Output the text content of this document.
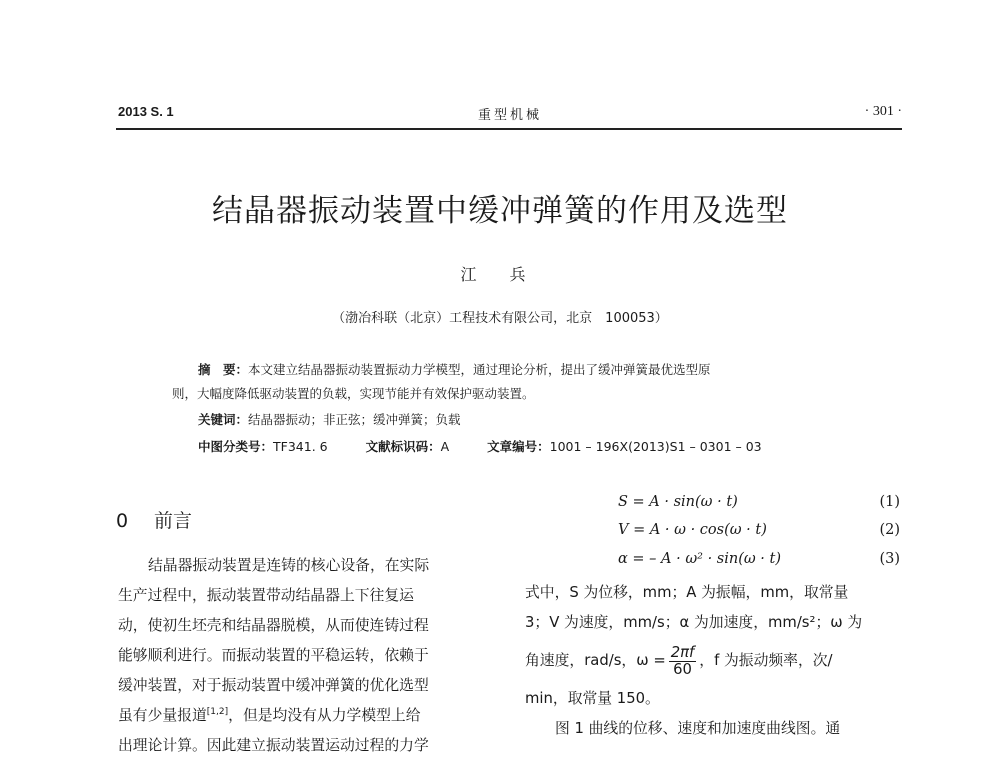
2013 S. 1	重型机械	· 301 ·
结晶器振动装置中缓冲弹簧的作用及选型
江 兵
（渤冶科联（北京）工程技术有限公司，北京　100053）
摘　要：本文建立结晶器振动装置振动力学模型，通过理论分析，提出了缓冲弹簧最优选型原
则，大幅度降低驱动装置的负载，实现节能并有效保护驱动装置。
关键词：结晶器振动；非正弦；缓冲弹簧；负载
中图分类号：TF341. 6	文献标识码：A	文章编号：1001 – 196X(2013)S1 – 0301 – 03
0 前言
结晶器振动装置是连铸的核心设备，在实际
生产过程中，振动装置带动结晶器上下往复运
动，使初生坯壳和结晶器脱模，从而使连铸过程
能够顺利进行。而振动装置的平稳运转，依赖于
缓冲装置，对于振动装置中缓冲弹簧的优化选型
虽有少量报道[1,2]，但是均没有从力学模型上给
出理论计算。因此建立振动装置运动过程的力学
S = A · sin(ω · t)	(1)
V = A · ω · cos(ω · t)	(2)
α = – A · ω² · sin(ω · t)	(3)
式中，S 为位移，mm；A 为振幅，mm，取常量
3；V 为速度，mm/s；α 为加速度，mm/s²；ω 为
角速度，rad/s，$\omega = \frac{2\pi f}{60}$ ，f 为振动频率，次/
min，取常量 150。
图 1 曲线的位移、速度和加速度曲线图。通
